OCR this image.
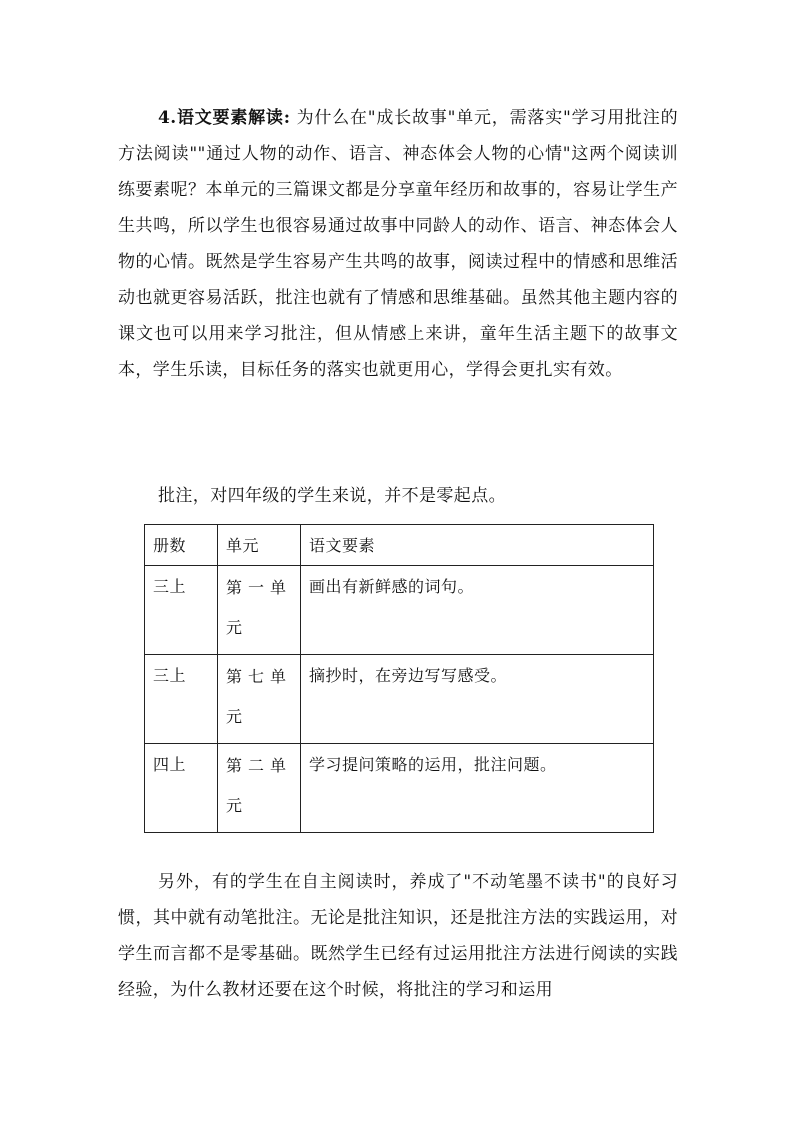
4.语文要素解读: 为什么在"成长故事"单元，需落实"学习用批注的方法阅读""通过人物的动作、语言、神态体会人物的心情"这两个阅读训练要素呢？本单元的三篇课文都是分享童年经历和故事的，容易让学生产生共鸣，所以学生也很容易通过故事中同龄人的动作、语言、神态体会人物的心情。既然是学生容易产生共鸣的故事，阅读过程中的情感和思维活动也就更容易活跃，批注也就有了情感和思维基础。虽然其他主题内容的课文也可以用来学习批注，但从情感上来讲，童年生活主题下的故事文本，学生乐读，目标任务的落实也就更用心，学得会更扎实有效。

批注，对四年级的学生来说，并不是零起点。

册数	单元	语文要素
三上	第一单元	画出有新鲜感的词句。
三上	第七单元	摘抄时，在旁边写写感受。
四上	第二单元	学习提问策略的运用，批注问题。

另外，有的学生在自主阅读时，养成了"不动笔墨不读书"的良好习惯，其中就有动笔批注。无论是批注知识，还是批注方法的实践运用，对学生而言都不是零基础。既然学生已经有过运用批注方法进行阅读的实践经验，为什么教材还要在这个时候，将批注的学习和运用
